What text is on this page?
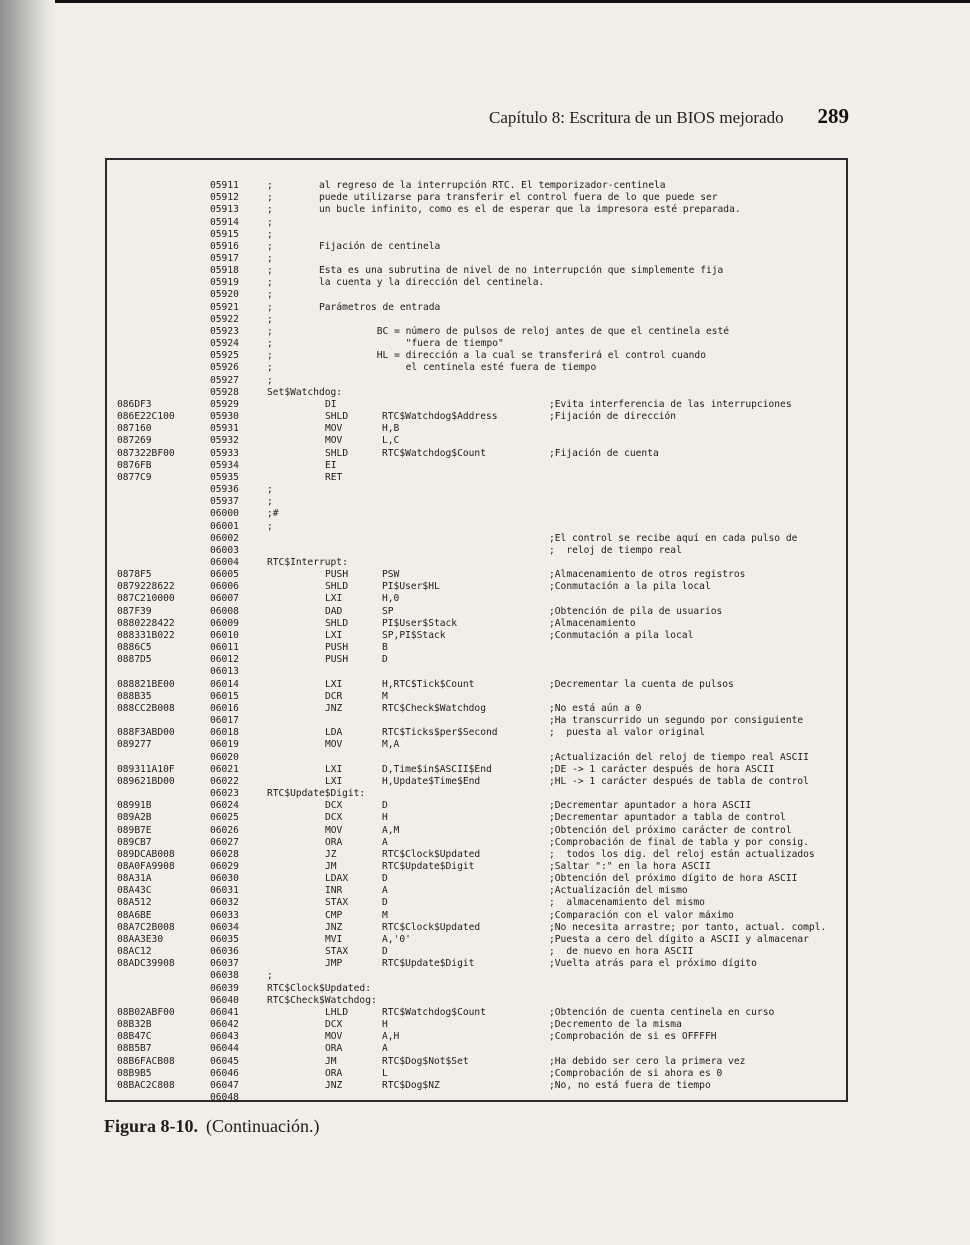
Capítulo 8: Escritura de un BIOS mejorado 289
05911	;        al regreso de la interrupción RTC. El temporizador-centinela
05912	;        puede utilizarse para transferir el control fuera de lo que puede ser
05913	;        un bucle infinito, como es el de esperar que la impresora esté preparada.
05914	;
05915	;
05916	;        Fijación de centinela
05917	;
05918	;        Esta es una subrutina de nivel de no interrupción que simplemente fija
05919	;        la cuenta y la dirección del centinela.
05920	;
05921	;        Parámetros de entrada
05922	;
05923	;                  BC = número de pulsos de reloj antes de que el centinela esté
05924	;                       "fuera de tiempo"
05925	;                  HL = dirección a la cual se transferirá el control cuando
05926	;                       el centinela esté fuera de tiempo
05927	;
05928	Set$Watchdog:
086D F3	05929	DI	;Evita interferencia de las interrupciones
086E 22C100	05930	SHLD	RTC$Watchdog$Address	;Fijación de dirección
0871 60	05931	MOV	H,B
0872 69	05932	MOV	L,C
0873 22BF00	05933	SHLD	RTC$Watchdog$Count	;Fijación de cuenta
0876 FB	05934	EI
0877 C9	05935	RET
05936	;
05937	;
06000	;#
06001	;
06002	;El control se recibe aquí en cada pulso de
06003	;  reloj de tiempo real
06004	RTC$Interrupt:
0878 F5	06005	PUSH	PSW	;Almacenamiento de otros registros
0879 228622	06006	SHLD	PI$User$HL	;Conmutación a la pila local
087C 210000	06007	LXI	H,0
087F 39	06008	DAD	SP	;Obtención de pila de usuarios
0880 228422	06009	SHLD	PI$User$Stack	;Almacenamiento
0883 31B022	06010	LXI	SP,PI$Stack	;Conmutación a pila local
0886 C5	06011	PUSH	B
0887 D5	06012	PUSH	D
06013
0888 21BE00	06014	LXI	H,RTC$Tick$Count	;Decrementar la cuenta de pulsos
088B 35	06015	DCR	M
088C C2B008	06016	JNZ	RTC$Check$Watchdog	;No está aún a 0
06017	;Ha transcurrido un segundo por consiguiente
088F 3ABD00	06018	LDA	RTC$Ticks$per$Second	;  puesta al valor original
0892 77	06019	MOV	M,A
06020	;Actualización del reloj de tiempo real ASCII
0893 11A10F	06021	LXI	D,Time$in$ASCII$End	;DE -> 1 carácter después de hora ASCII
0896 21BD00	06022	LXI	H,Update$Time$End	;HL -> 1 carácter después de tabla de control
06023	RTC$Update$Digit:
0899 1B	06024	DCX	D	;Decrementar apuntador a hora ASCII
089A 2B	06025	DCX	H	;Decrementar apuntador a tabla de control
089B 7E	06026	MOV	A,M	;Obtención del próximo carácter de control
089C B7	06027	ORA	A	;Comprobación de final de tabla y por consig.
089D CAB008	06028	JZ	RTC$Clock$Updated	;  todos los dig. del reloj están actualizados
08A0 FA9908	06029	JM	RTC$Update$Digit	;Saltar ":" en la hora ASCII
08A3 1A	06030	LDAX	D	;Obtención del próximo dígito de hora ASCII
08A4 3C	06031	INR	A	;Actualización del mismo
08A5 12	06032	STAX	D	;  almacenamiento del mismo
08A6 BE	06033	CMP	M	;Comparación con el valor máximo
08A7 C2B008	06034	JNZ	RTC$Clock$Updated	;No necesita arrastre; por tanto, actual. compl.
08AA 3E30	06035	MVI	A,'0'	;Puesta a cero del dígito a ASCII y almacenar
08AC 12	06036	STAX	D	;  de nuevo en hora ASCII
08AD C39908	06037	JMP	RTC$Update$Digit	;Vuelta atrás para el próximo dígito
06038	;
06039	RTC$Clock$Updated:
06040	RTC$Check$Watchdog:
08B0 2ABF00	06041	LHLD	RTC$Watchdog$Count	;Obtención de cuenta centinela en curso
08B3 2B	06042	DCX	H	;Decremento de la misma
08B4 7C	06043	MOV	A,H	;Comprobación de si es OFFFFH
08B5 B7	06044	ORA	A
08B6 FACB08	06045	JM	RTC$Dog$Not$Set	;Ha debido ser cero la primera vez
08B9 B5	06046	ORA	L	;Comprobación de si ahora es 0
08BA C2C808	06047	JNZ	RTC$Dog$NZ	;No, no está fuera de tiempo
06048
Figura 8-10. (Continuación.)
